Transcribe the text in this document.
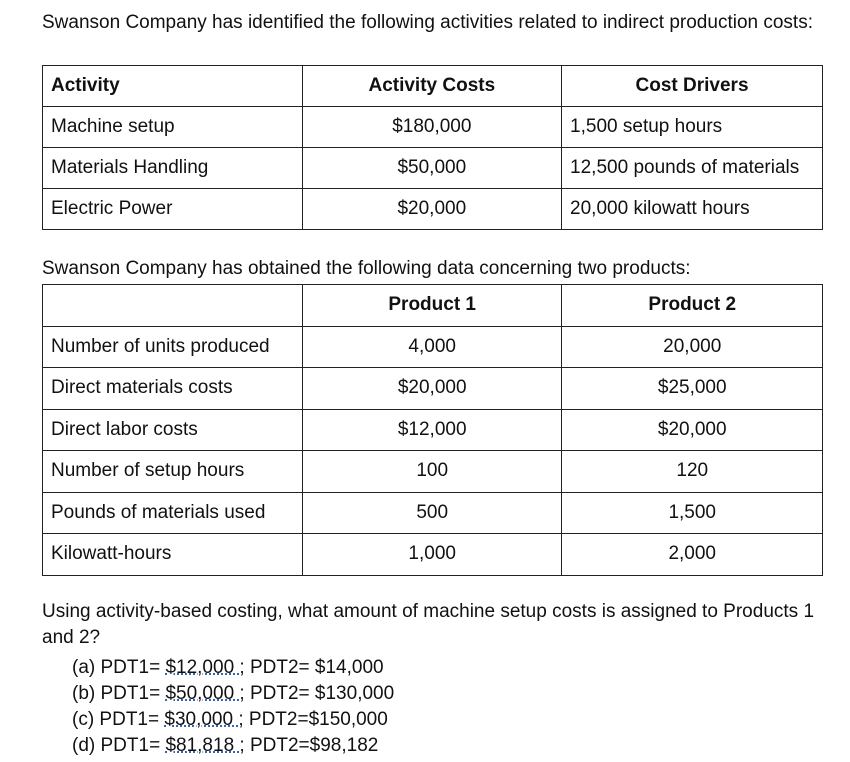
Swanson Company has identified the following activities related to indirect production costs:

Activity	Activity Costs	Cost Drivers
Machine setup	$180,000	1,500 setup hours
Materials Handling	$50,000	12,500 pounds of materials
Electric Power	$20,000	20,000 kilowatt hours

Swanson Company has obtained the following data concerning two products:

	Product 1	Product 2
Number of units produced	4,000	20,000
Direct materials costs	$20,000	$25,000
Direct labor costs	$12,000	$20,000
Number of setup hours	100	120
Pounds of materials used	500	1,500
Kilowatt-hours	1,000	2,000

Using activity-based costing, what amount of machine setup costs is assigned to Products 1 and 2?

(a) PDT1= $12,000 ; PDT2= $14,000
(b) PDT1= $50,000 ; PDT2= $130,000
(c) PDT1= $30,000 ; PDT2=$150,000
(d) PDT1= $81,818 ; PDT2=$98,182
